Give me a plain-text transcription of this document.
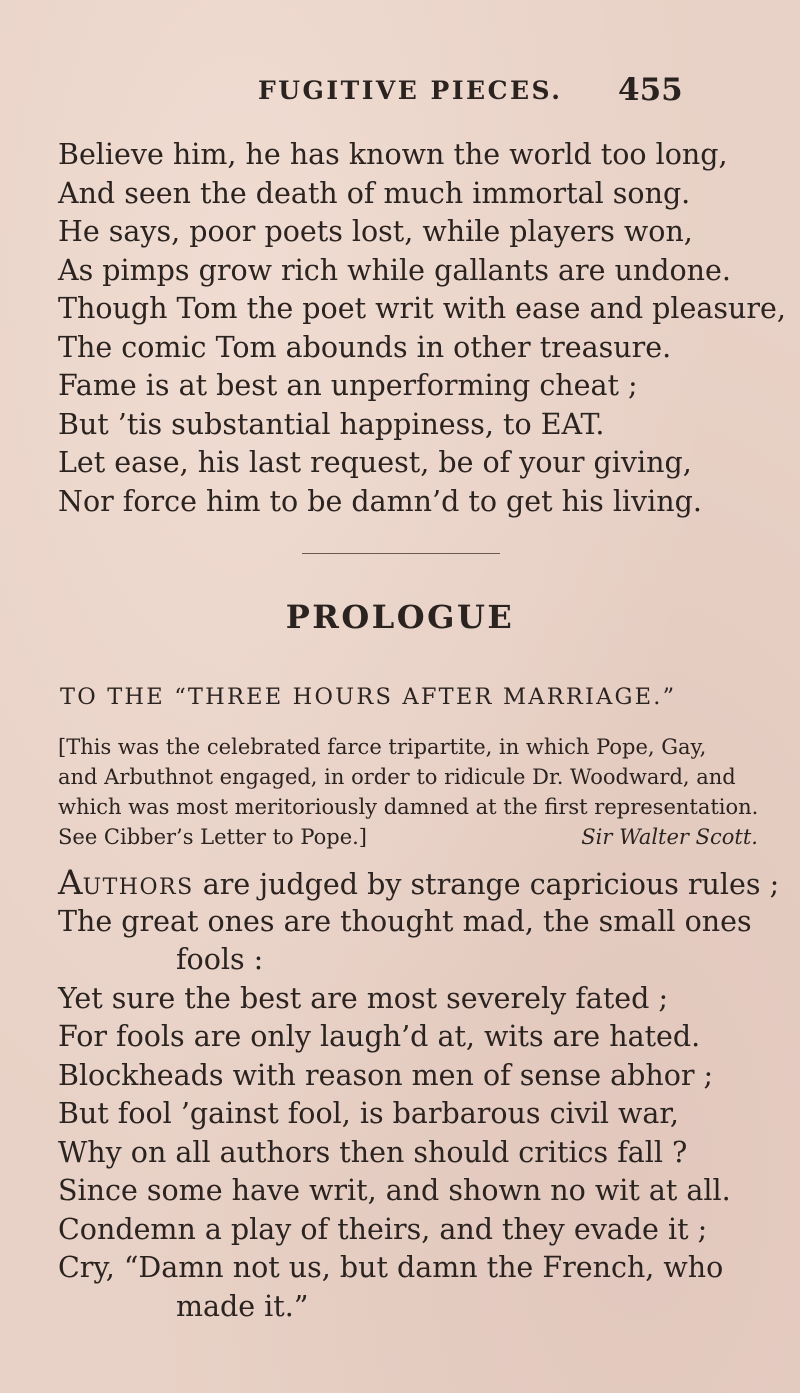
FUGITIVE PIECES. 455
Believe him, he has known the world too long,
And seen the death of much immortal song.
He says, poor poets lost, while players won,
As pimps grow rich while gallants are undone.
Though Tom the poet writ with ease and pleasure,
The comic Tom abounds in other treasure.
Fame is at best an unperforming cheat ;
But ’tis substantial happiness, to EAT.
Let ease, his last request, be of your giving,
Nor force him to be damn’d to get his living.
PROLOGUE
TO THE “THREE HOURS AFTER MARRIAGE.”
[This was the celebrated farce tripartite, in which Pope, Gay,
and Arbuthnot engaged, in order to ridicule Dr. Woodward, and
which was most meritoriously damned at the first representation.
See Cibber’s Letter to Pope.]	Sir Walter Scott.
AUTHORS are judged by strange capricious rules ;
The great ones are thought mad, the small ones
fools :
Yet sure the best are most severely fated ;
For fools are only laugh’d at, wits are hated.
Blockheads with reason men of sense abhor ;
But fool ’gainst fool, is barbarous civil war,
Why on all authors then should critics fall ?
Since some have writ, and shown no wit at all.
Condemn a play of theirs, and they evade it ;
Cry, “Damn not us, but damn the French, who
made it.”
